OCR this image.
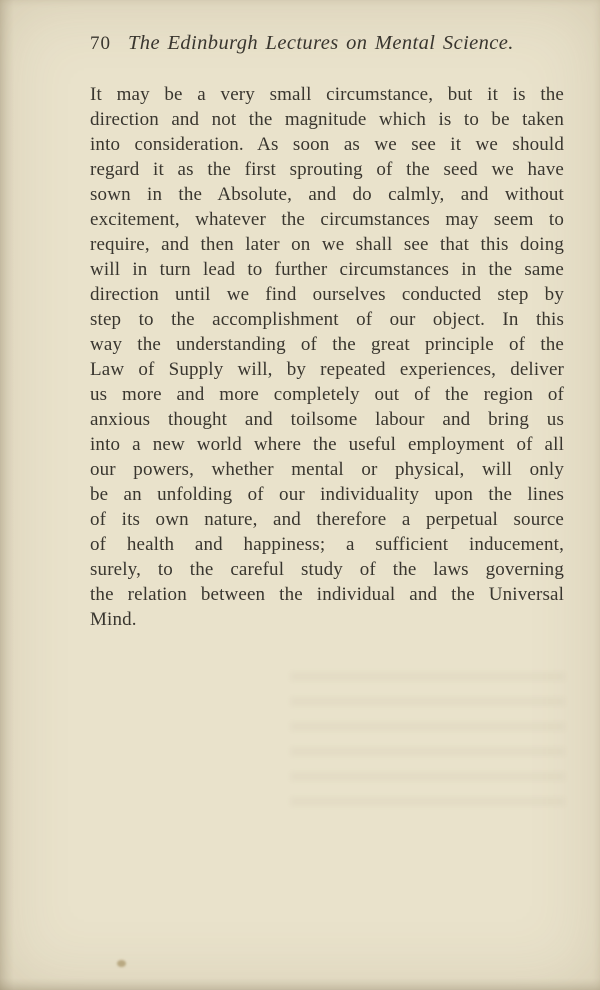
70 The Edinburgh Lectures on Mental Science.
It may be a very small circumstance, but it is the
direction and not the magnitude which is to be taken
into consideration. As soon as we see it we should
regard it as the first sprouting of the seed we have
sown in the Absolute, and do calmly, and without
excitement, whatever the circumstances may seem to
require, and then later on we shall see that this doing
will in turn lead to further circumstances in the same
direction until we find ourselves conducted step by
step to the accomplishment of our object. In this
way the understanding of the great principle of the
Law of Supply will, by repeated experiences, deliver
us more and more completely out of the region of
anxious thought and toilsome labour and bring us
into a new world where the useful employment of all
our powers, whether mental or physical, will only
be an unfolding of our individuality upon the lines
of its own nature, and therefore a perpetual source
of health and happiness; a sufficient inducement,
surely, to the careful study of the laws governing
the relation between the individual and the Universal
Mind.
